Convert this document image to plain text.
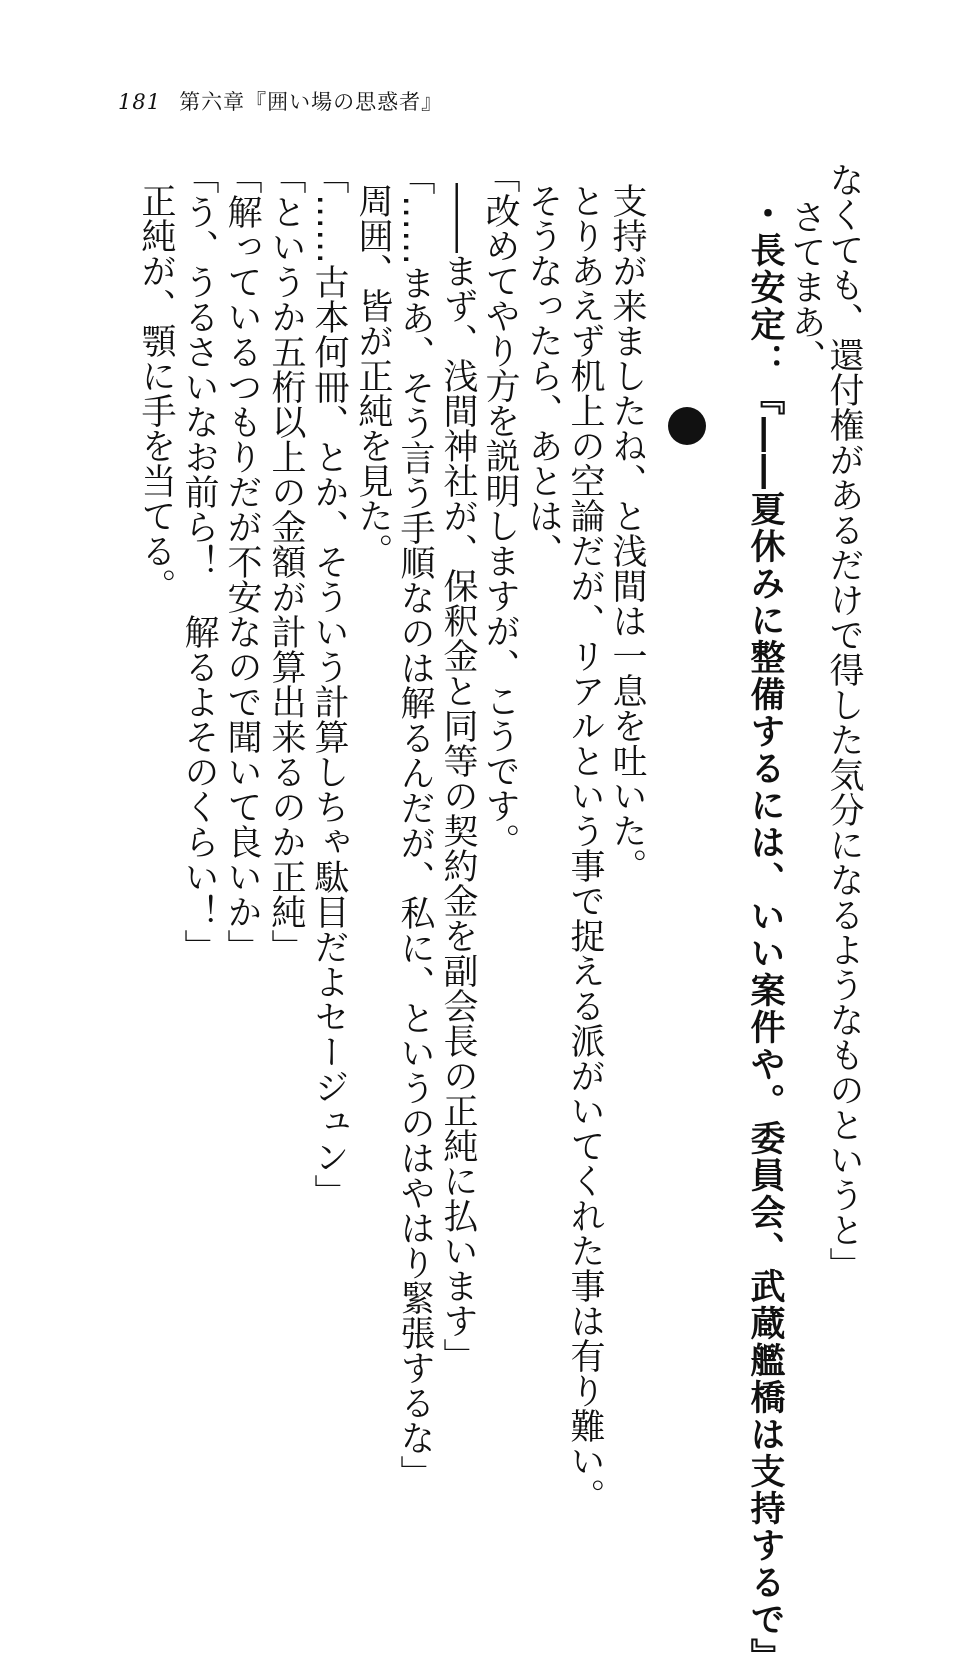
181 第六章『囲い場の思惑者』
なくても、還付権があるだけで得した気分になるようなものというと」
さてまあ、
・長安定：『――夏休みに整備するには、いい案件や。委員会、武蔵艦橋は支持するで』
支持が来ましたね、と浅間は一息を吐いた。
とりあえず机上の空論だが、リアルという事で捉える派がいてくれた事は有り難い。
そうなったら、あとは、
「改めてやり方を説明しますが、こうです。
――まず、浅間神社が、保釈金と同等の契約金を副会長の正純に払います」
「……まあ、そう言う手順なのは解るんだが、私に、というのはやはり緊張するな」
周囲、皆が正純を見た。
「……古本何冊、とか、そういう計算しちゃ駄目だよセージュン」
「というか五桁以上の金額が計算出来るのか正純」
「解っているつもりだが不安なので聞いて良いか」
「う、うるさいなお前ら！　解るよそのくらい！」
正純が、顎に手を当てる。
